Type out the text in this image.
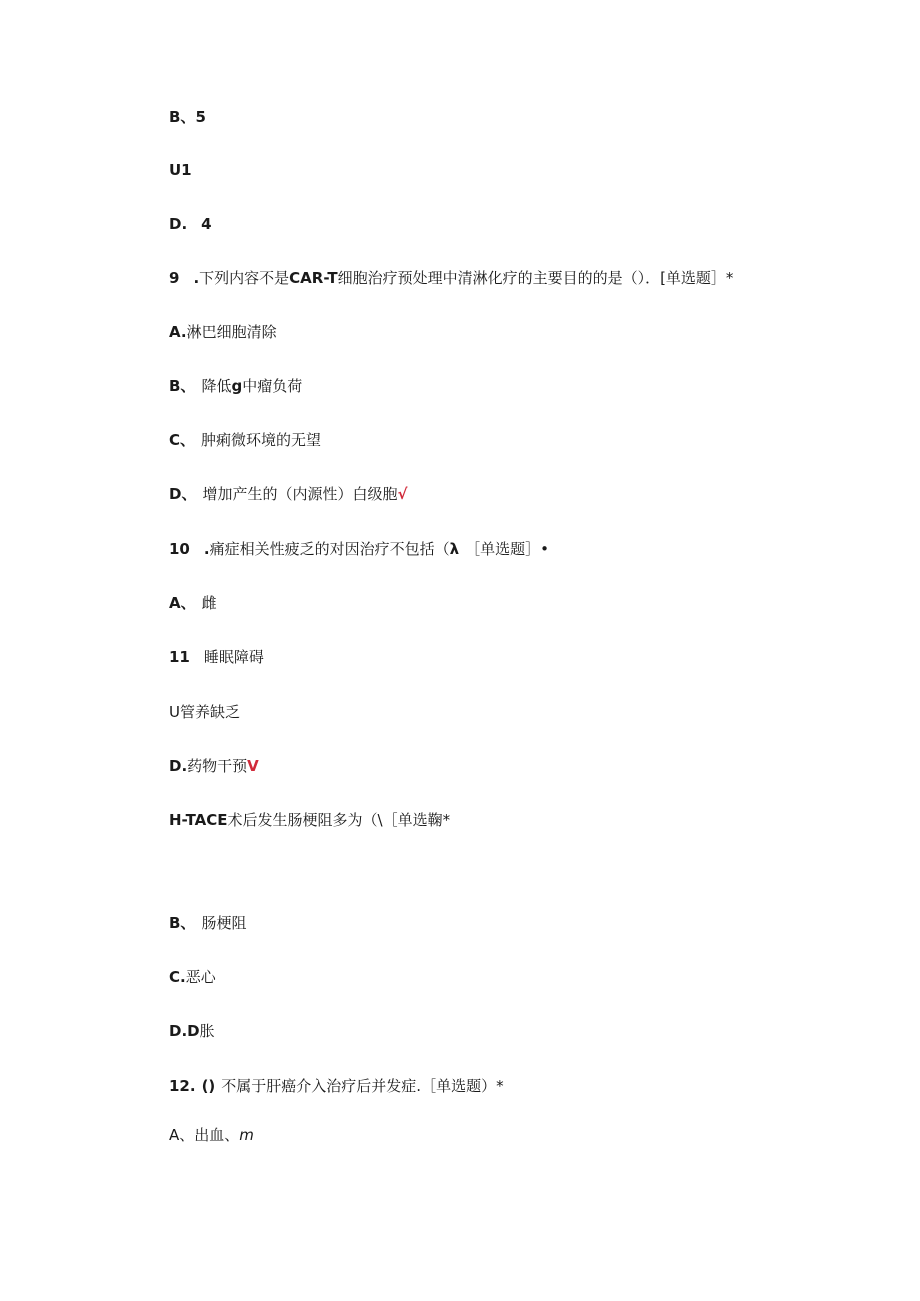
B、5
U1
D. 4
9 .下列内容不是CAR-T细胞治疗预处理中清淋化疗的主要目的的是（）．[单选题］*
A.淋巴细胞清除
B、 降低g中瘤负荷
C、 肿痢微环境的无望
D、 增加产生的（内源性）白级胞√
10 .痛症相关性疲乏的对因治疗不包括（λ ［单选题］•
A、 雌
11 睡眠障碍
U管养缺乏
D.药物干预V
H-TACE术后发生肠梗阻多为（\［单选鞠*
B、 肠梗阻
C.恶心
D.D胀
12. () 不属于肝癌介入治疗后并发症.［单选题）*
A、出血、m
